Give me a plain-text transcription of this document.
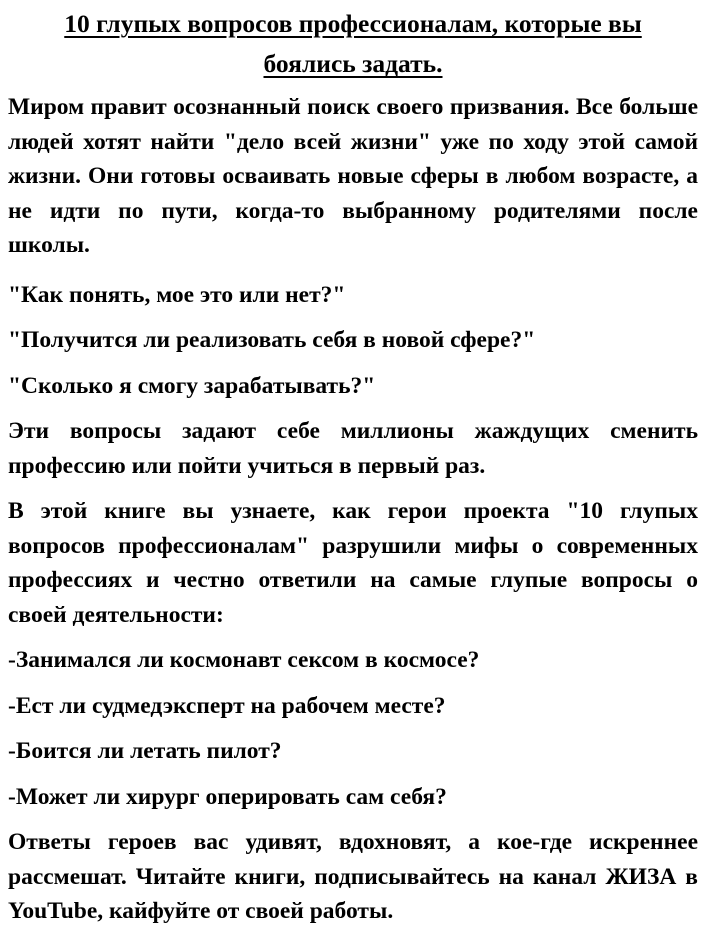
10 глупых вопросов профессионалам, которые вы
боялись задать.

Миром правит осознанный поиск своего призвания. Все больше людей хотят найти "дело всей жизни" уже по ходу этой самой жизни. Они готовы осваивать новые сферы в любом возрасте, а не идти по пути, когда-то выбранному родителями после школы.

"Как понять, мое это или нет?"

"Получится ли реализовать себя в новой сфере?"

"Сколько я смогу зарабатывать?"

Эти вопросы задают себе миллионы жаждущих сменить профессию или пойти учиться в первый раз.

В этой книге вы узнаете, как герои проекта "10 глупых вопросов профессионалам" разрушили мифы о современных профессиях и честно ответили на самые глупые вопросы о своей деятельности:

-Занимался ли космонавт сексом в космосе?

-Ест ли судмедэксперт на рабочем месте?

-Боится ли летать пилот?

-Может ли хирург оперировать сам себя?

Ответы героев вас удивят, вдохновят, а кое-где искреннее рассмешат. Читайте книги, подписывайтесь на канал ЖИЗА в YouTube, кайфуйте от своей работы.
